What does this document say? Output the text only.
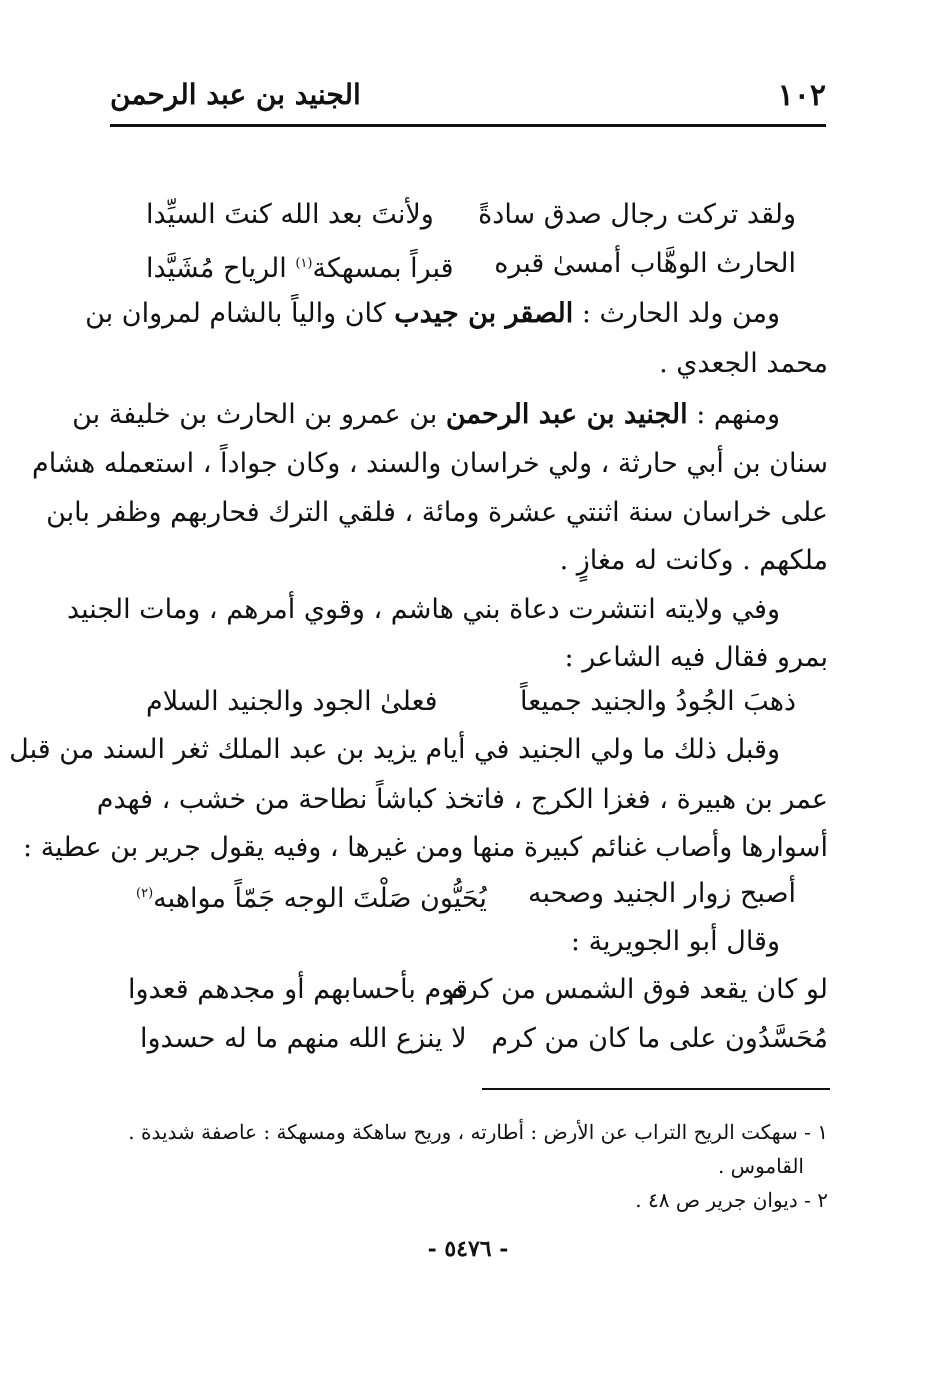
١٠٢
الجنيد بن عبد الرحمن
ولقد تركت رجال صدق سادةً
ولأنتَ بعد الله كنتَ السيِّدا
الحارث الوهَّاب أمسىٰ قبره
قبراً بمسهكة$^{(١)}$ الرياح مُشَيَّدا
ومن ولد الحارث : الصقر بن جيدب كان والياً بالشام لمروان بن
محمد الجعدي .
ومنهم : الجنيد بن عبد الرحمن بن عمرو بن الحارث بن خليفة بن
سنان بن أبي حارثة ، ولي خراسان والسند ، وكان جواداً ، استعمله هشام
على خراسان سنة اثنتي عشرة ومائة ، فلقي الترك فحاربهم وظفر بابن
ملكهم . وكانت له مغازٍ .
وفي ولايته انتشرت دعاة بني هاشم ، وقوي أمرهم ، ومات الجنيد
بمرو فقال فيه الشاعر :
ذهبَ الجُودُ والجنيد جميعاً
فعلىٰ الجود والجنيد السلام
وقبل ذلك ما ولي الجنيد في أيام يزيد بن عبد الملك ثغر السند من قبل
عمر بن هبيرة ، فغزا الكرج ، فاتخذ كباشاً نطاحة من خشب ، فهدم
أسوارها وأصاب غنائم كبيرة منها ومن غيرها ، وفيه يقول جرير بن عطية :
أصبح زوار الجنيد وصحبه
يُحَيُّون صَلْتَ الوجه جَمّاً مواهبه$^{(٢)}$
وقال أبو الجويرية :
لو كان يقعد فوق الشمس من كرم
قوم بأحسابهم أو مجدهم قعدوا
مُحَسَّدُون على ما كان من كرم
لا ينزع الله منهم ما له حسدوا
١ - سهكت الريح التراب عن الأرض : أطارته ، وريح ساهكة ومسهكة : عاصفة شديدة .
القاموس .
٢ - ديوان جرير ص ٤٨ .
- ٥٤٧٦ -
